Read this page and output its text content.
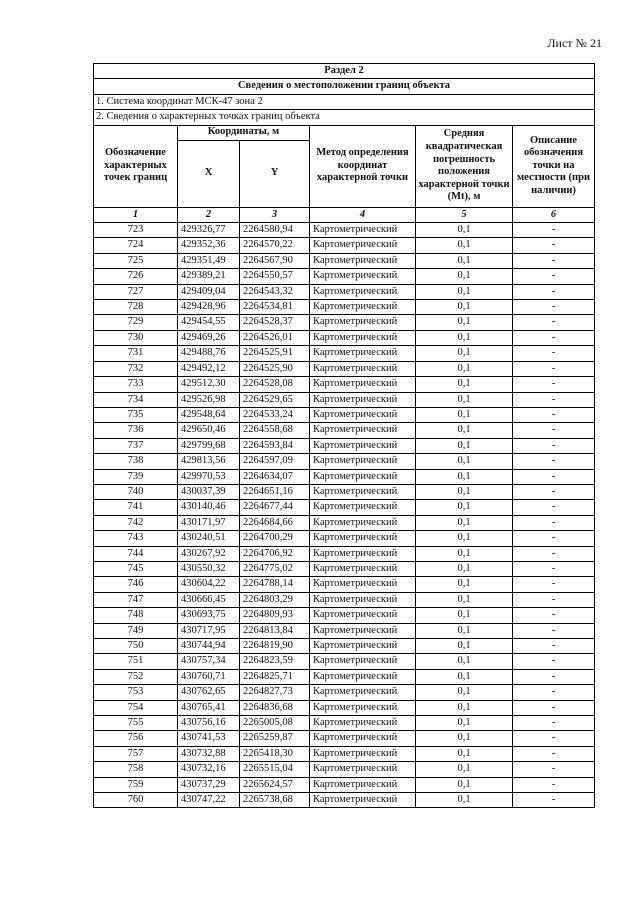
Лист № 21
Раздел 2					
Сведения о местоположении границ объекта					
1. Система координат МСК-47 зона 2					
2. Сведения о характерных точках границ объекта					
Обозначение характерных точек границ	Координаты, м		Метод определения координат характерной точки	Средняя квадратическая погрешность положения характерной точки (Mt), м	Описание обозначения точки на местности (при наличии)
	X	Y			
1	2	3	4	5	6
723	429326,77	2264580,94	Картометрический	0,1	-
724	429352,36	2264570,22	Картометрический	0,1	-
725	429351,49	2264567,90	Картометрический	0,1	-
726	429389,21	2264550,57	Картометрический	0,1	-
727	429409,04	2264543,32	Картометрический	0,1	-
728	429428,96	2264534,81	Картометрический	0,1	-
729	429454,55	2264528,37	Картометрический	0,1	-
730	429469,26	2264526,01	Картометрический	0,1	-
731	429488,76	2264525,91	Картометрический	0,1	-
732	429492,12	2264525,90	Картометрический	0,1	-
733	429512,30	2264528,08	Картометрический	0,1	-
734	429526,98	2264529,65	Картометрический	0,1	-
735	429548,64	2264533,24	Картометрический	0,1	-
736	429650,46	2264558,68	Картометрический	0,1	-
737	429799,68	2264593,84	Картометрический	0,1	-
738	429813,56	2264597,09	Картометрический	0,1	-
739	429970,53	2264634,07	Картометрический	0,1	-
740	430037,39	2264651,16	Картометрический	0,1	-
741	430140,46	2264677,44	Картометрический	0,1	-
742	430171,97	2264684,66	Картометрический	0,1	-
743	430240,51	2264700,29	Картометрический	0,1	-
744	430267,92	2264706,92	Картометрический	0,1	-
745	430550,32	2264775,02	Картометрический	0,1	-
746	430604,22	2264788,14	Картометрический	0,1	-
747	430666,45	2264803,29	Картометрический	0,1	-
748	430693,75	2264809,93	Картометрический	0,1	-
749	430717,95	2264813,84	Картометрический	0,1	-
750	430744,94	2264819,90	Картометрический	0,1	-
751	430757,34	2264823,59	Картометрический	0,1	-
752	430760,71	2264825,71	Картометрический	0,1	-
753	430762,65	2264827,73	Картометрический	0,1	-
754	430765,41	2264836,68	Картометрический	0,1	-
755	430756,16	2265005,08	Картометрический	0,1	-
756	430741,53	2265259,87	Картометрический	0,1	-
757	430732,88	2265418,30	Картометрический	0,1	-
758	430732,16	2265515,04	Картометрический	0,1	-
759	430737,29	2265624,57	Картометрический	0,1	-
760	430747,22	2265738,68	Картометрический	0,1	-
